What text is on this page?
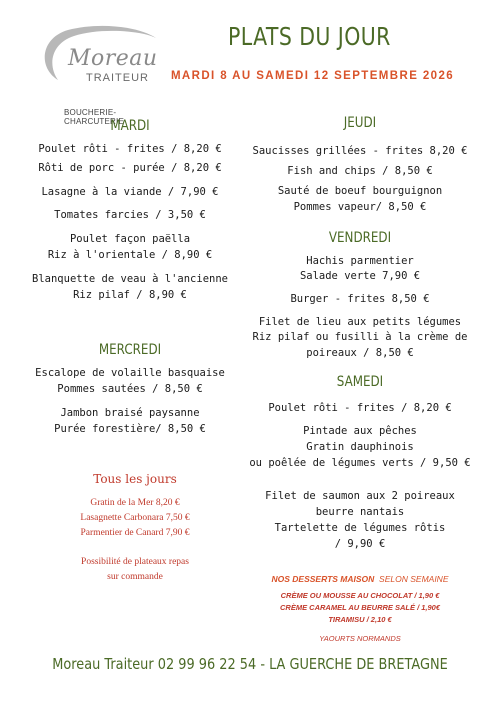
Moreau
TRAITEUR
BOUCHERIE-CHARCUTERIE
PLATS DU JOUR
MARDI 8 AU SAMEDI 12 SEPTEMBRE 2026
MARDI
Poulet rôti - frites / 8,20 €
Rôti de porc - purée / 8,20 €
Lasagne à la viande / 7,90 €
Tomates farcies / 3,50 €
Poulet façon paëlla
Riz à l'orientale / 8,90 €
Blanquette de veau à l'ancienne
Riz pilaf / 8,90 €
MERCREDI
Escalope de volaille basquaise
Pommes sautées / 8,50 €
Jambon braisé paysanne
Purée forestière/ 8,50 €
Tous les jours
Gratin de la Mer 8,20 €
Lasagnette Carbonara 7,50 €
Parmentier de Canard 7,90 €
Possibilité de plateaux repas
sur commande
JEUDI
Saucisses grillées - frites 8,20 €
Fish and chips / 8,50 €
Sauté de boeuf bourguignon
Pommes vapeur/ 8,50 €
VENDREDI
Hachis parmentier
Salade verte 7,90 €
Burger - frites 8,50 €
Filet de lieu aux petits légumes
Riz pilaf ou fusilli à la crème de
poireaux / 8,50 €
SAMEDI
Poulet rôti - frites / 8,20 €
Pintade aux pêches
Gratin dauphinois
ou poêlée de légumes verts / 9,50 €
Filet de saumon aux 2 poireaux
beurre nantais
Tartelette de légumes rôtis
/ 9,90 €
NOS DESSERTS MAISON SELON SEMAINE
CRÈME OU MOUSSE AU CHOCOLAT / 1,90 €
CRÈME CARAMEL AU BEURRE SALÉ / 1,90€
TIRAMISU / 2,10 €
YAOURTS NORMANDS
Moreau Traiteur 02 99 96 22 54 - LA GUERCHE DE BRETAGNE
